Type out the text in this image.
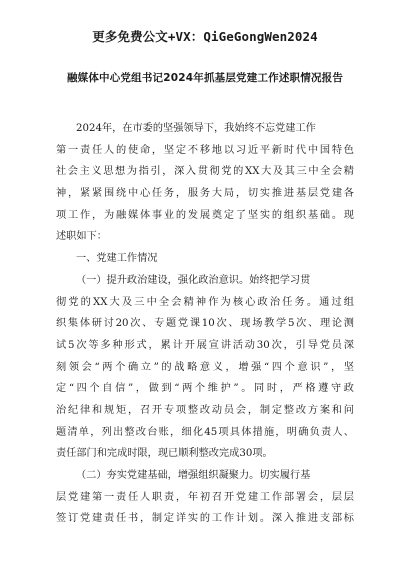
更多免费公文+VX：QiGeGongWen2024
融媒体中心党组书记2024年抓基层党建工作述职情况报告
2024年，在市委的坚强领导下，我始终不忘党建工作
第一责任人的使命，坚定不移地以习近平新时代中国特色
社会主义思想为指引，深入贯彻党的XX大及其三中全会精
神，紧紧围绕中心任务，服务大局，切实推进基层党建各
项工作，为融媒体事业的发展奠定了坚实的组织基础。现
述职如下：
一、党建工作情况
（一）提升政治建设，强化政治意识。始终把学习贯
彻党的XX大及三中全会精神作为核心政治任务。通过组
织集体研讨20次、专题党课10次、现场教学5次、理论测
试5次等多种形式，累计开展宣讲活动30次，引导党员深
刻领会“两个确立”的战略意义，增强“四个意识”，坚
定“四个自信”，做到“两个维护”。同时，严格遵守政
治纪律和规矩，召开专项整改动员会，制定整改方案和问
题清单，列出整改台账，细化45项具体措施，明确负责人、
责任部门和完成时限，现已顺利整改完成30项。
（二）夯实党建基础，增强组织凝聚力。切实履行基
层党建第一责任人职责，年初召开党建工作部署会，层层
签订党建责任书，制定详实的工作计划。深入推进支部标
